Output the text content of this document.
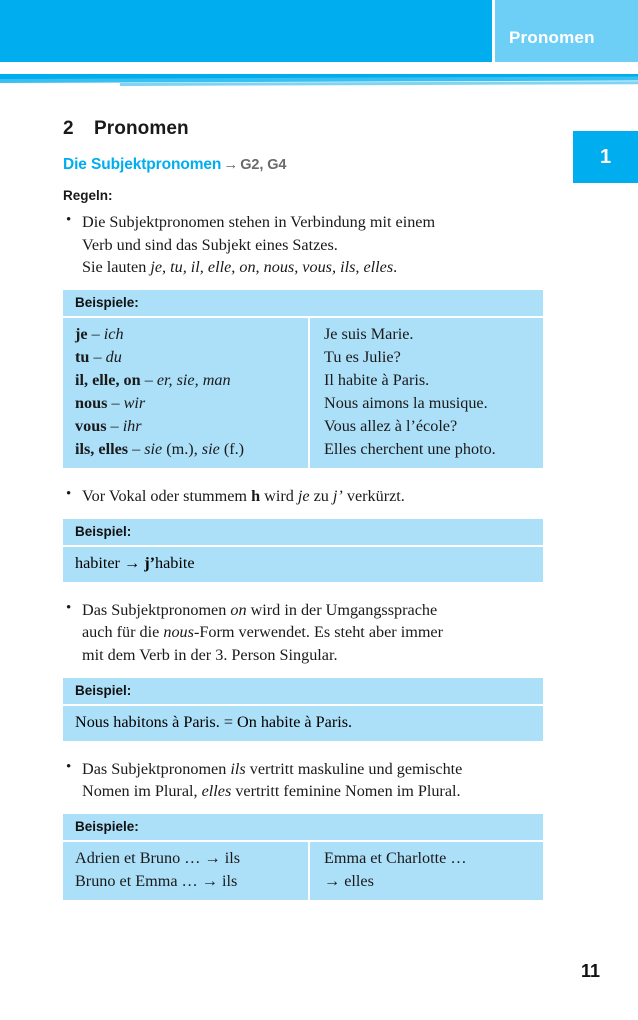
Pronomen
1
2 Pronomen
Die Subjektpronomen → G2, G4
Regeln:
• Die Subjektpronomen stehen in Verbindung mit einem
Verb und sind das Subjekt eines Satzes.
Sie lauten je, tu, il, elle, on, nous, vous, ils, elles.
Beispiele:
je – ich
tu – du
il, elle, on – er, sie, man
nous – wir
vous – ihr
ils, elles – sie (m.), sie (f.)
Je suis Marie.
Tu es Julie?
Il habite à Paris.
Nous aimons la musique.
Vous allez à l’école?
Elles cherchent une photo.
• Vor Vokal oder stummem h wird je zu j’ verkürzt.
Beispiel:
habiter → j’habite
• Das Subjektpronomen on wird in der Umgangssprache
auch für die nous-Form verwendet. Es steht aber immer
mit dem Verb in der 3. Person Singular.
Beispiel:
Nous habitons à Paris. = On habite à Paris.
• Das Subjektpronomen ils vertritt maskuline und gemischte
Nomen im Plural, elles vertritt feminine Nomen im Plural.
Beispiele:
Adrien et Bruno … → ils
Bruno et Emma … → ils
Emma et Charlotte …
→ elles
11
